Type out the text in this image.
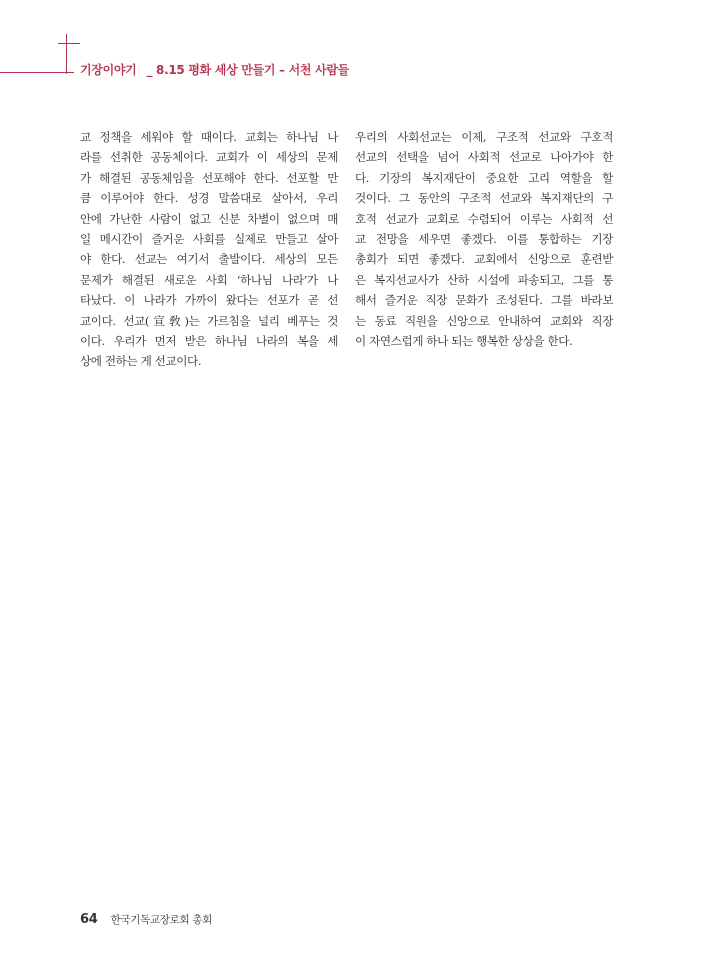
기장이야기 _ 8.15 평화 세상 만들기 – 서천 사람들
교 정책을 세워야 할 때이다. 교회는 하나님 나
라를 선취한 공동체이다. 교회가 이 세상의 문제
가 해결된 공동체임을 선포해야 한다. 선포할 만
큼 이루어야 한다. 성경 말씀대로 살아서, 우리
안에 가난한 사람이 없고 신분 차별이 없으며 매
일 메시간이 즐거운 사회를 실제로 만들고 살아
야 한다. 선교는 여기서 출발이다. 세상의 모든
문제가 해결된 새로운 사회 ‘하나님 나라’가 나
타났다. 이 나라가 가까이 왔다는 선포가 곧 선
교이다. 선교(宣敎)는 가르침을 널리 베푸는 것
이다. 우리가 먼저 받은 하나님 나라의 복을 세
상에 전하는 게 선교이다.
우리의 사회선교는 이제, 구조적 선교와 구호적
선교의 선택을 넘어 사회적 선교로 나아가야 한
다. 기장의 복지재단이 중요한 고리 역할을 할
것이다. 그 동안의 구조적 선교와 복지재단의 구
호적 선교가 교회로 수렴되어 이루는 사회적 선
교 전망을 세우면 좋겠다. 이를 통합하는 기장
총회가 되면 좋겠다. 교회에서 신앙으로 훈련받
은 복지선교사가 산하 시설에 파송되고, 그를 통
해서 즐거운 직장 문화가 조성된다. 그를 바라보
는 동료 직원을 신앙으로 안내하여 교회와 직장
이 자연스럽게 하나 되는 행복한 상상을 한다.
64 한국기독교장로회 총회
